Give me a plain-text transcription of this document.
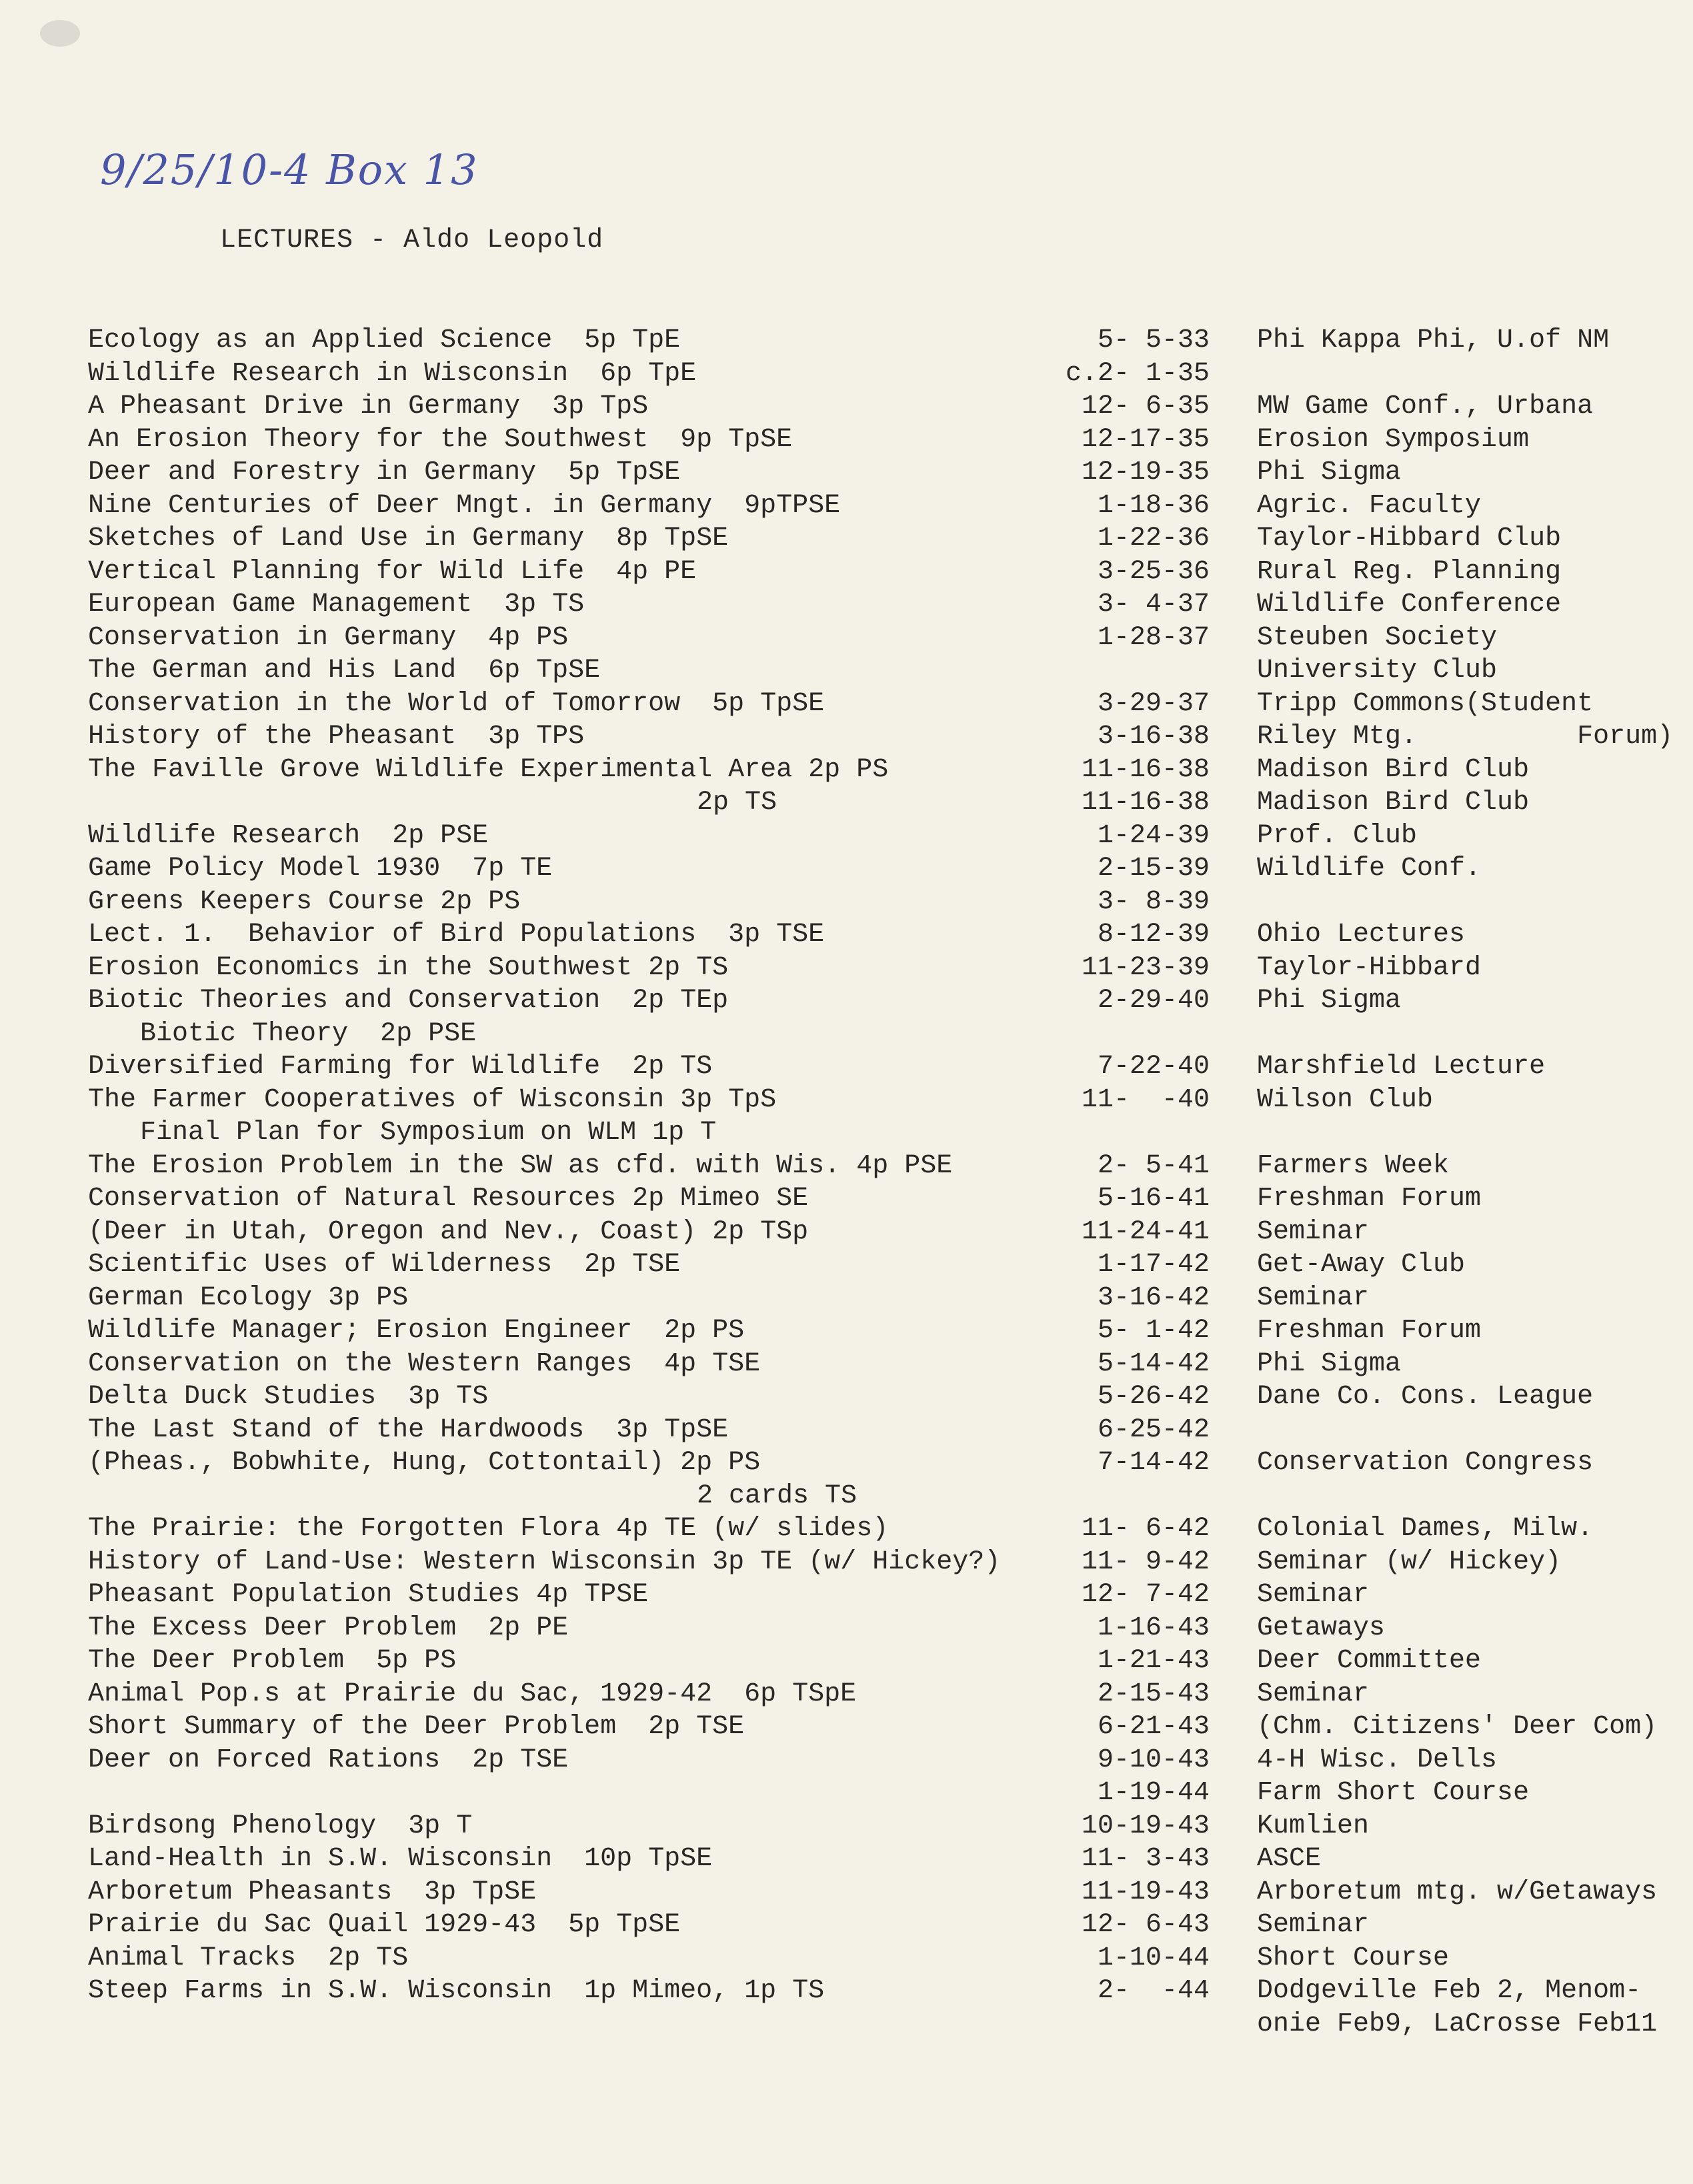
9/25/10-4 Box 13
LECTURES - Aldo Leopold
Ecology as an Applied Science  5p TpE	5- 5-33 Phi Kappa Phi, U.of NM
Wildlife Research in Wisconsin  6p TpE	c.2- 1-35
A Pheasant Drive in Germany  3p TpS	12- 6-35 MW Game Conf., Urbana
An Erosion Theory for the Southwest  9p TpSE	12-17-35 Erosion Symposium
Deer and Forestry in Germany  5p TpSE	12-19-35 Phi Sigma
Nine Centuries of Deer Mngt. in Germany  9pTPSE	1-18-36 Agric. Faculty
Sketches of Land Use in Germany  8p TpSE	1-22-36 Taylor-Hibbard Club
Vertical Planning for Wild Life  4p PE	3-25-36 Rural Reg. Planning
European Game Management  3p TS	3- 4-37 Wildlife Conference
Conservation in Germany  4p PS	1-28-37 Steuben Society
The German and His Land  6p TpSE	University Club
Conservation in the World of Tomorrow  5p TpSE	3-29-37 Tripp Commons(Student
History of the Pheasant  3p TPS	3-16-38 Riley Mtg.          Forum)
The Faville Grove Wildlife Experimental Area 2p PS	11-16-38 Madison Bird Club
2p TS	11-16-38 Madison Bird Club
Wildlife Research  2p PSE	1-24-39 Prof. Club
Game Policy Model 1930  7p TE	2-15-39 Wildlife Conf.
Greens Keepers Course 2p PS	3- 8-39
Lect. 1.  Behavior of Bird Populations  3p TSE	8-12-39 Ohio Lectures
Erosion Economics in the Southwest 2p TS	11-23-39 Taylor-Hibbard
Biotic Theories and Conservation  2p TEp	2-29-40 Phi Sigma
Biotic Theory  2p PSE
Diversified Farming for Wildlife  2p TS	7-22-40 Marshfield Lecture
The Farmer Cooperatives of Wisconsin 3p TpS	11-  -40 Wilson Club
Final Plan for Symposium on WLM 1p T
The Erosion Problem in the SW as cfd. with Wis. 4p PSE	2- 5-41 Farmers Week
Conservation of Natural Resources 2p Mimeo SE	5-16-41 Freshman Forum
(Deer in Utah, Oregon and Nev., Coast) 2p TSp	11-24-41 Seminar
Scientific Uses of Wilderness  2p TSE	1-17-42 Get-Away Club
German Ecology 3p PS	3-16-42 Seminar
Wildlife Manager; Erosion Engineer  2p PS	5- 1-42 Freshman Forum
Conservation on the Western Ranges  4p TSE	5-14-42 Phi Sigma
Delta Duck Studies  3p TS	5-26-42 Dane Co. Cons. League
The Last Stand of the Hardwoods  3p TpSE	6-25-42
(Pheas., Bobwhite, Hung, Cottontail) 2p PS	7-14-42 Conservation Congress
2 cards TS
The Prairie: the Forgotten Flora 4p TE (w/ slides)	11- 6-42 Colonial Dames, Milw.
History of Land-Use: Western Wisconsin 3p TE (w/ Hickey?)	11- 9-42 Seminar (w/ Hickey)
Pheasant Population Studies 4p TPSE	12- 7-42 Seminar
The Excess Deer Problem  2p PE	1-16-43 Getaways
The Deer Problem  5p PS	1-21-43 Deer Committee
Animal Pop.s at Prairie du Sac, 1929-42  6p TSpE	2-15-43 Seminar
Short Summary of the Deer Problem  2p TSE	6-21-43 (Chm. Citizens' Deer Com)
Deer on Forced Rations  2p TSE	9-10-43 4-H Wisc. Dells
1-19-44 Farm Short Course
Birdsong Phenology  3p T	10-19-43 Kumlien
Land-Health in S.W. Wisconsin  10p TpSE	11- 3-43 ASCE
Arboretum Pheasants  3p TpSE	11-19-43 Arboretum mtg. w/Getaways
Prairie du Sac Quail 1929-43  5p TpSE	12- 6-43 Seminar
Animal Tracks  2p TS	1-10-44 Short Course
Steep Farms in S.W. Wisconsin  1p Mimeo, 1p TS	2-  -44 Dodgeville Feb 2, Menom-
onie Feb9, LaCrosse Feb11
